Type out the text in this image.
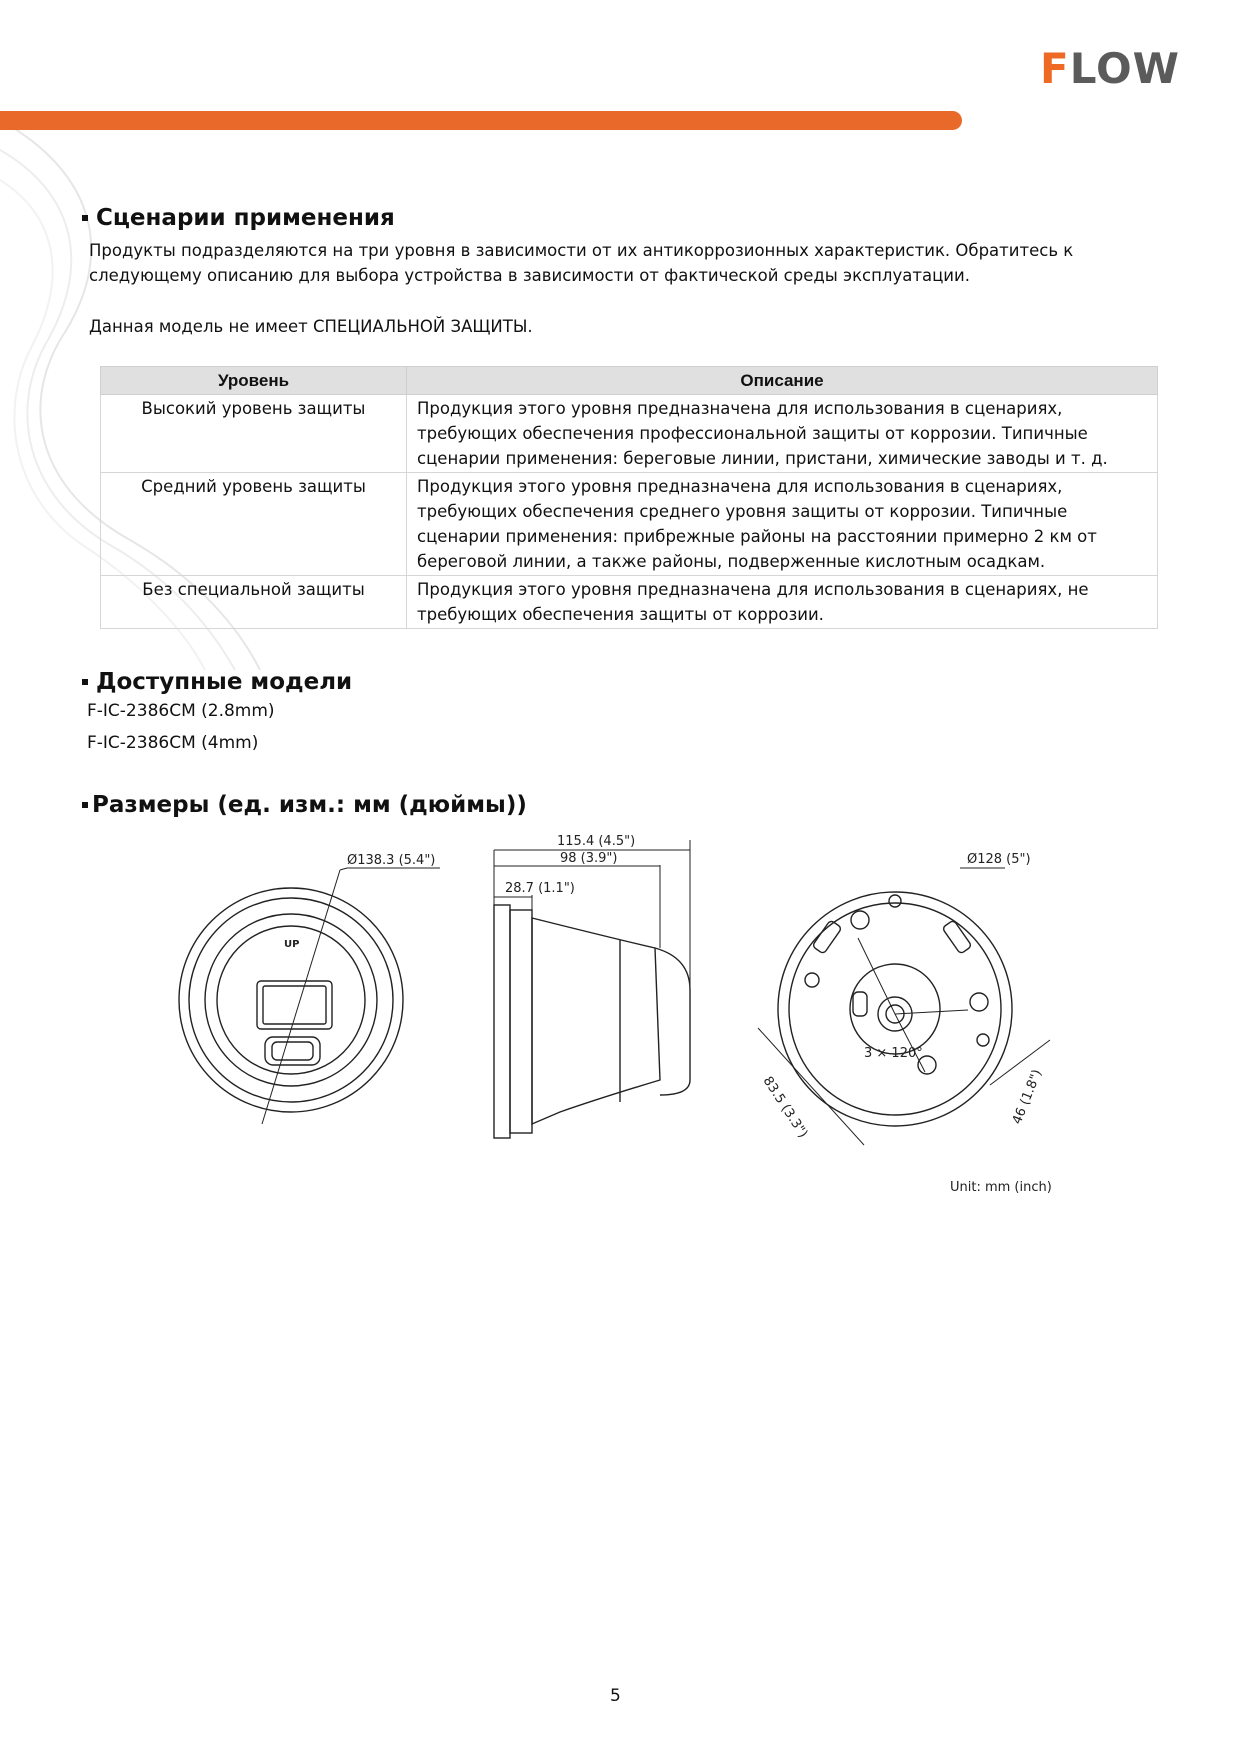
FLOW
Сценарии применения
Продукты подразделяются на три уровня в зависимости от их антикоррозионных характеристик. Обратитесь к следующему описанию для выбора устройства в зависимости от фактической среды эксплуатации.
Данная модель не имеет СПЕЦИАЛЬНОЙ ЗАЩИТЫ.
Уровень	Описание
Высокий уровень защиты	Продукция этого уровня предназначена для использования в сценариях, требующих обеспечения профессиональной защиты от коррозии. Типичные сценарии применения: береговые линии, пристани, химические заводы и т. д.
Средний уровень защиты	Продукция этого уровня предназначена для использования в сценариях, требующих обеспечения среднего уровня защиты от коррозии. Типичные сценарии применения: прибрежные районы на расстоянии примерно 2 км от береговой линии, а также районы, подверженные кислотным осадкам.
Без специальной защиты	Продукция этого уровня предназначена для использования в сценариях, не требующих обеспечения защиты от коррозии.
Доступные модели
F-IC-2386CM (2.8mm)
F-IC-2386CM (4mm)
Размеры (ед. изм.: мм (дюймы))
Ø138.3 (5.4")
UP
115.4 (4.5")
98 (3.9")
28.7 (1.1")
Ø128 (5")
3 × 120°
83.5 (3.3")	46 (1.8")
Unit: mm (inch)
5
